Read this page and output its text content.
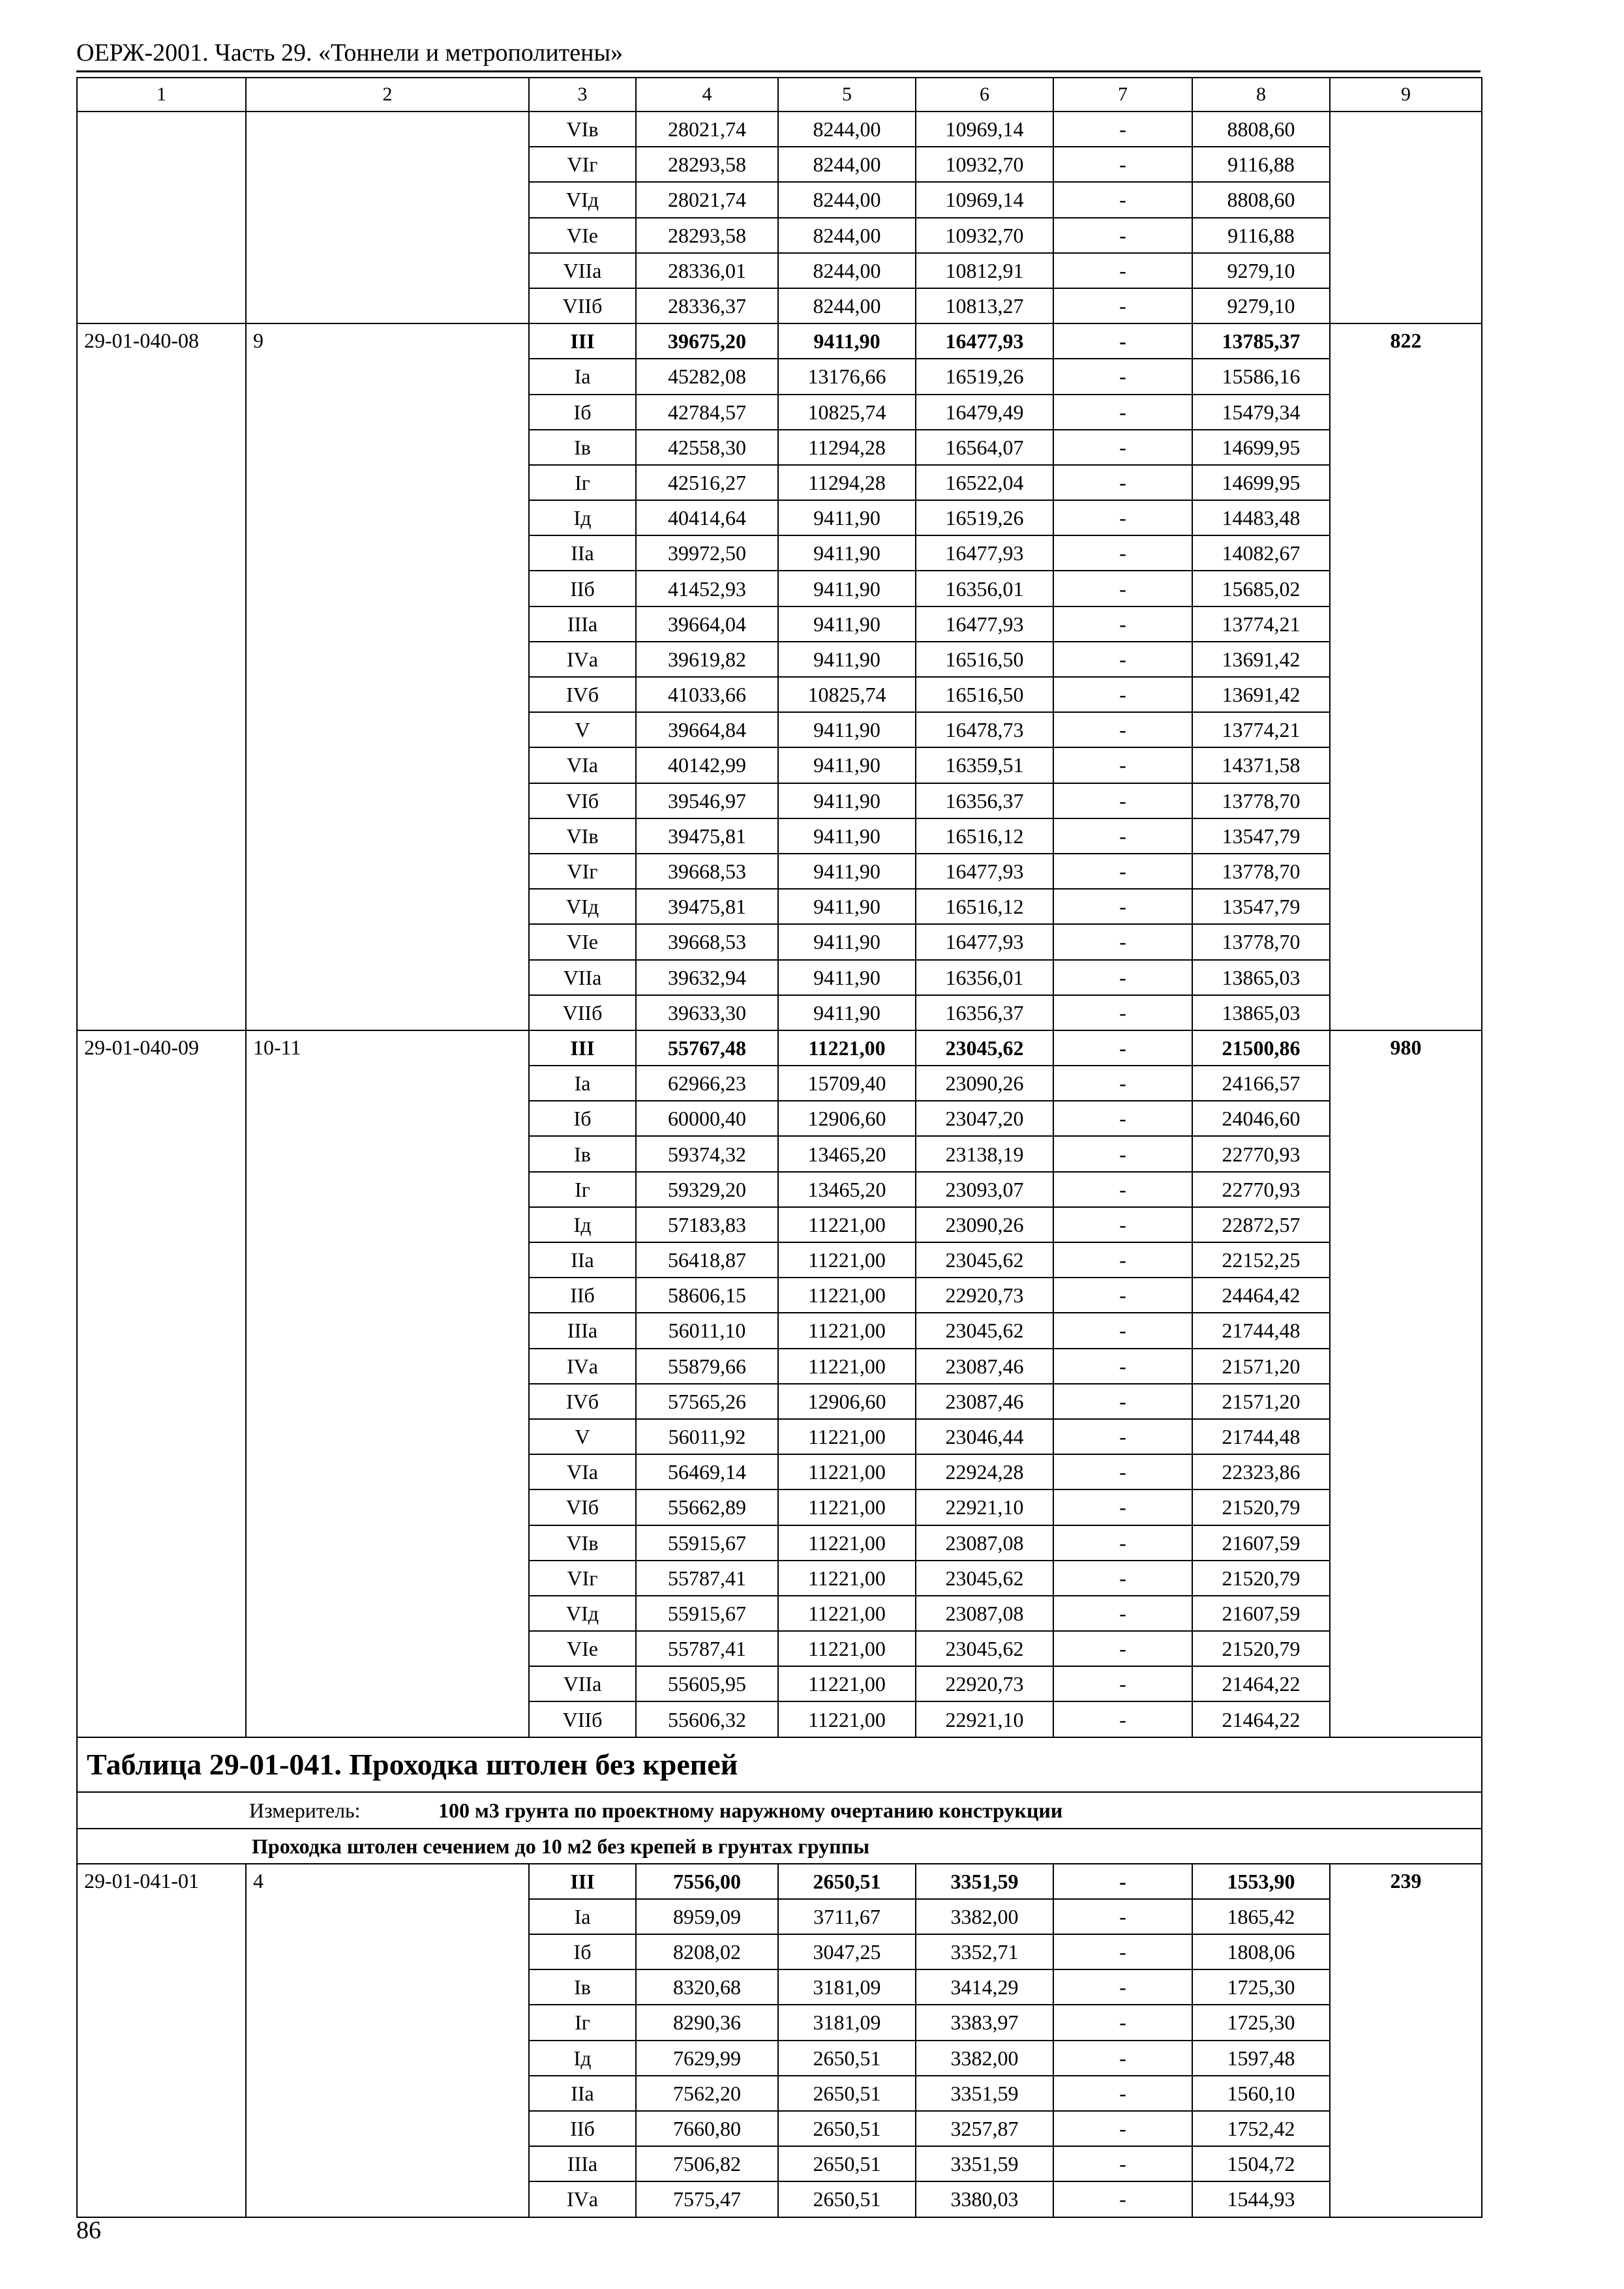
ОЕРЖ-2001. Часть 29. «Тоннели и метрополитены»
1	2	3	4	5	6	7	8	9
		VIв	28021,74	8244,00	10969,14	-	8808,60	
		VIг	28293,58	8244,00	10932,70	-	9116,88	
		VIд	28021,74	8244,00	10969,14	-	8808,60	
		VIе	28293,58	8244,00	10932,70	-	9116,88	
		VIIа	28336,01	8244,00	10812,91	-	9279,10	
		VIIб	28336,37	8244,00	10813,27	-	9279,10	
29-01-040-08	9	III	39675,20	9411,90	16477,93	-	13785,37	822
		Iа	45282,08	13176,66	16519,26	-	15586,16	
		Iб	42784,57	10825,74	16479,49	-	15479,34	
		Iв	42558,30	11294,28	16564,07	-	14699,95	
		Iг	42516,27	11294,28	16522,04	-	14699,95	
		Iд	40414,64	9411,90	16519,26	-	14483,48	
		IIа	39972,50	9411,90	16477,93	-	14082,67	
		IIб	41452,93	9411,90	16356,01	-	15685,02	
		IIIа	39664,04	9411,90	16477,93	-	13774,21	
		IVа	39619,82	9411,90	16516,50	-	13691,42	
		IVб	41033,66	10825,74	16516,50	-	13691,42	
		V	39664,84	9411,90	16478,73	-	13774,21	
		VIа	40142,99	9411,90	16359,51	-	14371,58	
		VIб	39546,97	9411,90	16356,37	-	13778,70	
		VIв	39475,81	9411,90	16516,12	-	13547,79	
		VIг	39668,53	9411,90	16477,93	-	13778,70	
		VIд	39475,81	9411,90	16516,12	-	13547,79	
		VIе	39668,53	9411,90	16477,93	-	13778,70	
		VIIа	39632,94	9411,90	16356,01	-	13865,03	
		VIIб	39633,30	9411,90	16356,37	-	13865,03	
29-01-040-09	10-11	III	55767,48	11221,00	23045,62	-	21500,86	980
		Iа	62966,23	15709,40	23090,26	-	24166,57	
		Iб	60000,40	12906,60	23047,20	-	24046,60	
		Iв	59374,32	13465,20	23138,19	-	22770,93	
		Iг	59329,20	13465,20	23093,07	-	22770,93	
		Iд	57183,83	11221,00	23090,26	-	22872,57	
		IIа	56418,87	11221,00	23045,62	-	22152,25	
		IIб	58606,15	11221,00	22920,73	-	24464,42	
		IIIа	56011,10	11221,00	23045,62	-	21744,48	
		IVа	55879,66	11221,00	23087,46	-	21571,20	
		IVб	57565,26	12906,60	23087,46	-	21571,20	
		V	56011,92	11221,00	23046,44	-	21744,48	
		VIа	56469,14	11221,00	22924,28	-	22323,86	
		VIб	55662,89	11221,00	22921,10	-	21520,79	
		VIв	55915,67	11221,00	23087,08	-	21607,59	
		VIг	55787,41	11221,00	23045,62	-	21520,79	
		VIд	55915,67	11221,00	23087,08	-	21607,59	
		VIе	55787,41	11221,00	23045,62	-	21520,79	
		VIIа	55605,95	11221,00	22920,73	-	21464,22	
		VIIб	55606,32	11221,00	22921,10	-	21464,22	
Таблица 29-01-041. Проходка штолен без крепей								
Измеритель: 100 м3 грунта по проектному наружному очертанию конструкции								
Проходка штолен сечением до 10 м2 без крепей в грунтах группы								
29-01-041-01	4	III	7556,00	2650,51	3351,59	-	1553,90	239
		Iа	8959,09	3711,67	3382,00	-	1865,42	
		Iб	8208,02	3047,25	3352,71	-	1808,06	
		Iв	8320,68	3181,09	3414,29	-	1725,30	
		Iг	8290,36	3181,09	3383,97	-	1725,30	
		Iд	7629,99	2650,51	3382,00	-	1597,48	
		IIа	7562,20	2650,51	3351,59	-	1560,10	
		IIб	7660,80	2650,51	3257,87	-	1752,42	
		IIIа	7506,82	2650,51	3351,59	-	1504,72	
		IVа	7575,47	2650,51	3380,03	-	1544,93	
86
